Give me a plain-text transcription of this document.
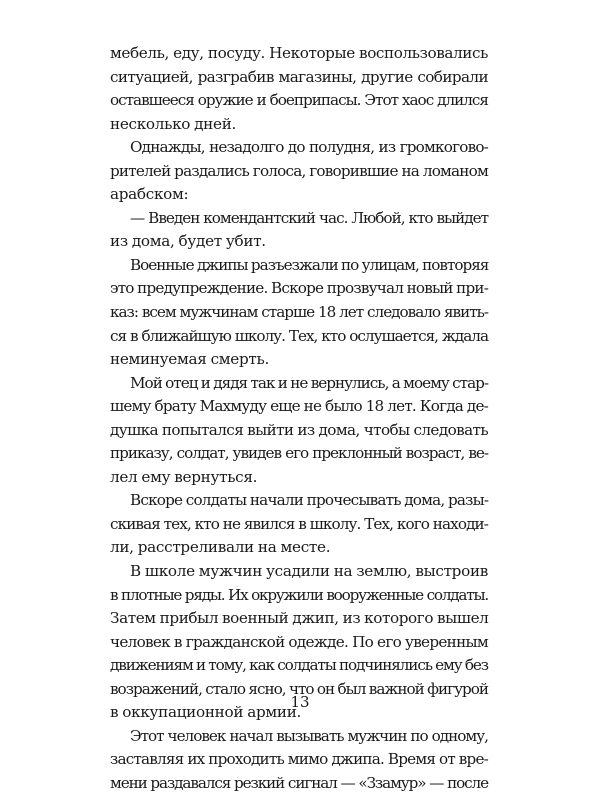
мебель, еду, посуду. Некоторые воспользовались
ситуацией, разграбив магазины, другие собирали
оставшееся оружие и боеприпасы. Этот хаос длился
несколько дней.
Однажды, незадолго до полудня, из громкогово-
рителей раздались голоса, говорившие на ломаном
арабском:
— Введен комендантский час. Любой, кто выйдет
из дома, будет убит.
Военные джипы разъезжали по улицам, повторяя
это предупреждение. Вскоре прозвучал новый при-
каз: всем мужчинам старше 18 лет следовало явить-
ся в ближайшую школу. Тех, кто ослушается, ждала
неминуемая смерть.
Мой отец и дядя так и не вернулись, а моему стар-
шему брату Махмуду еще не было 18 лет. Когда де-
душка попытался выйти из дома, чтобы следовать
приказу, солдат, увидев его преклонный возраст, ве-
лел ему вернуться.
Вскоре солдаты начали прочесывать дома, разы-
скивая тех, кто не явился в школу. Тех, кого находи-
ли, расстреливали на месте.
В школе мужчин усадили на землю, выстроив
в плотные ряды. Их окружили вооруженные солдаты.
Затем прибыл военный джип, из которого вышел
человек в гражданской одежде. По его уверенным
движениям и тому, как солдаты подчинялись ему без
возражений, стало ясно, что он был важной фигурой
в оккупационной армии.
Этот человек начал вызывать мужчин по одному,
заставляя их проходить мимо джипа. Время от вре-
мени раздавался резкий сигнал — «Ззамур» — после
13
